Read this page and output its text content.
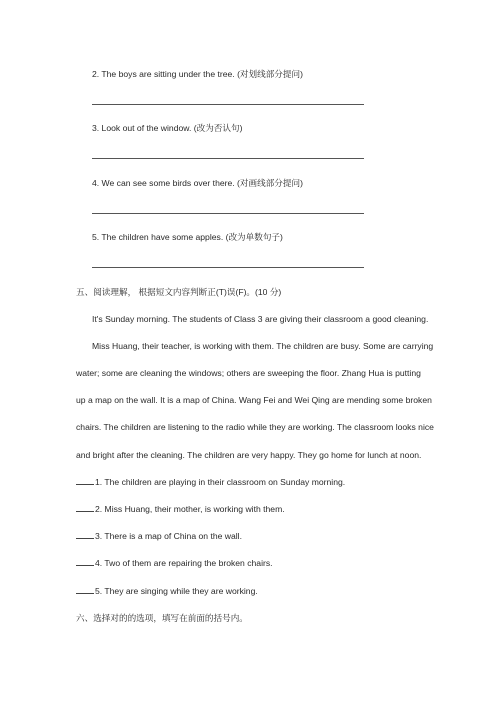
2. The boys are sitting under the tree. (对划线部分提问)
3. Look out of the window. (改为否认句)
4. We can see some birds over there. (对画线部分提问)
5. The children have some apples. (改为单数句子)
五、阅读理解， 根据短文内容判断正(T)误(F)。(10 分)
It's Sunday morning. The students of Class 3 are giving their classroom a good cleaning.
Miss Huang, their teacher, is working with them. The children are busy. Some are carrying
water; some are cleaning the windows; others are sweeping the floor. Zhang Hua is putting
up a map on the wall. It is a map of China. Wang Fei and Wei Qing are mending some broken
chairs. The children are listening to the radio while they are working. The classroom looks nice
and bright after the cleaning. The children are very happy. They go home for lunch at noon.
1. The children are playing in their classroom on Sunday morning.
2. Miss Huang, their mother, is working with them.
3. There is a map of China on the wall.
4. Two of them are repairing the broken chairs.
5. They are singing while they are working.
六、选择对的的选项，填写在前面的括号内。
